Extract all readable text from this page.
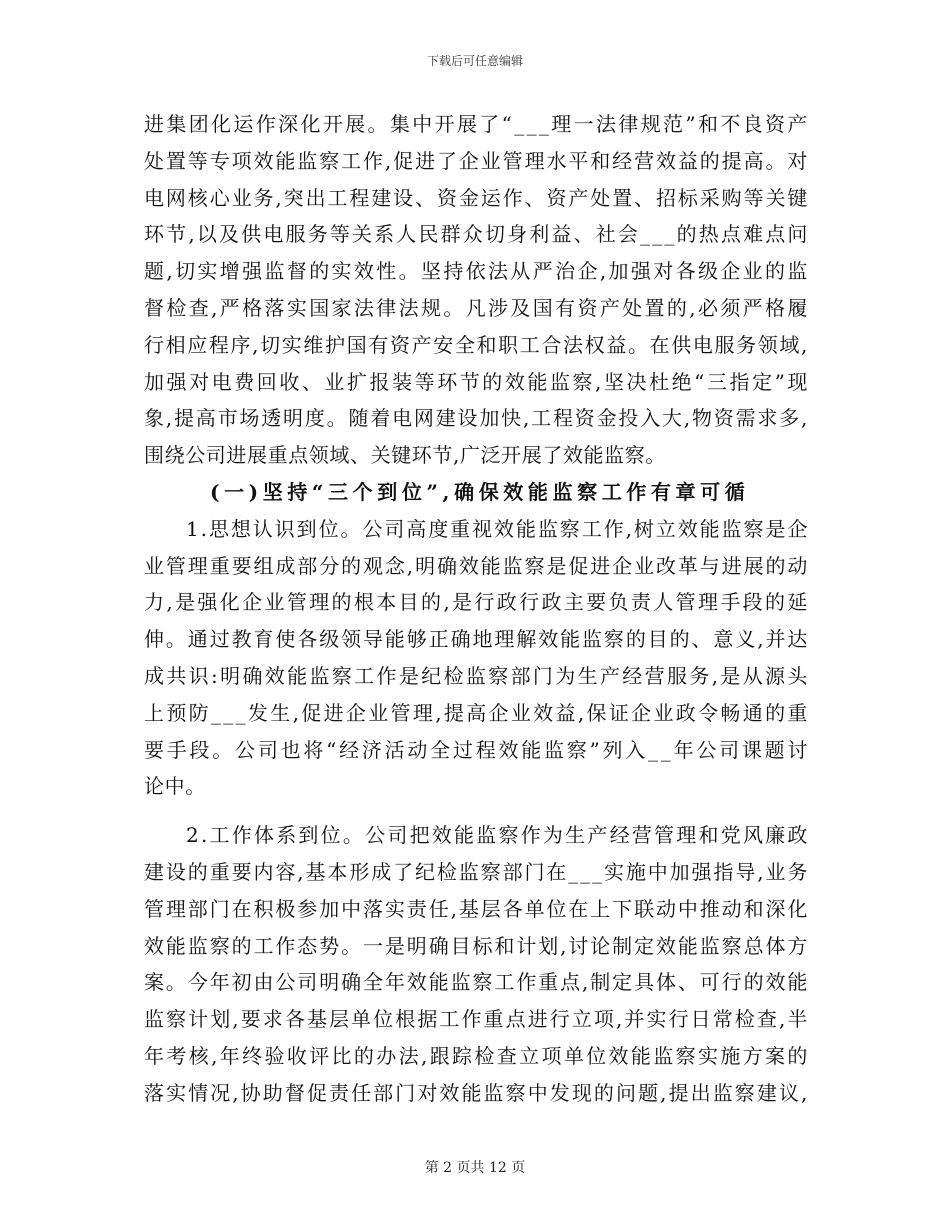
下载后可任意编辑
进集团化运作深化开展。集中开展了“___理一法律规范”和不良资产
处置等专项效能监察工作,促进了企业管理水平和经营效益的提高。对
电网核心业务,突出工程建设、资金运作、资产处置、招标采购等关键
环节,以及供电服务等关系人民群众切身利益、社会___的热点难点问
题,切实增强监督的实效性。坚持依法从严治企,加强对各级企业的监
督检查,严格落实国家法律法规。凡涉及国有资产处置的,必须严格履
行相应程序,切实维护国有资产安全和职工合法权益。在供电服务领域,
加强对电费回收、业扩报装等环节的效能监察,坚决杜绝“三指定”现
象,提高市场透明度。随着电网建设加快,工程资金投入大,物资需求多,
围绕公司进展重点领域、关键环节,广泛开展了效能监察。
(一)坚持“三个到位”,确保效能监察工作有章可循
1.思想认识到位。公司高度重视效能监察工作,树立效能监察是企
业管理重要组成部分的观念,明确效能监察是促进企业改革与进展的动
力,是强化企业管理的根本目的,是行政行政主要负责人管理手段的延
伸。通过教育使各级领导能够正确地理解效能监察的目的、意义,并达
成共识:明确效能监察工作是纪检监察部门为生产经营服务,是从源头
上预防___发生,促进企业管理,提高企业效益,保证企业政令畅通的重
要手段。公司也将“经济活动全过程效能监察”列入__年公司课题讨
论中。
2.工作体系到位。公司把效能监察作为生产经营管理和党风廉政
建设的重要内容,基本形成了纪检监察部门在___实施中加强指导,业务
管理部门在积极参加中落实责任,基层各单位在上下联动中推动和深化
效能监察的工作态势。一是明确目标和计划,讨论制定效能监察总体方
案。今年初由公司明确全年效能监察工作重点,制定具体、可行的效能
监察计划,要求各基层单位根据工作重点进行立项,并实行日常检查,半
年考核,年终验收评比的办法,跟踪检查立项单位效能监察实施方案的
落实情况,协助督促责任部门对效能监察中发现的问题,提出监察建议,
第 2 页共 12 页
